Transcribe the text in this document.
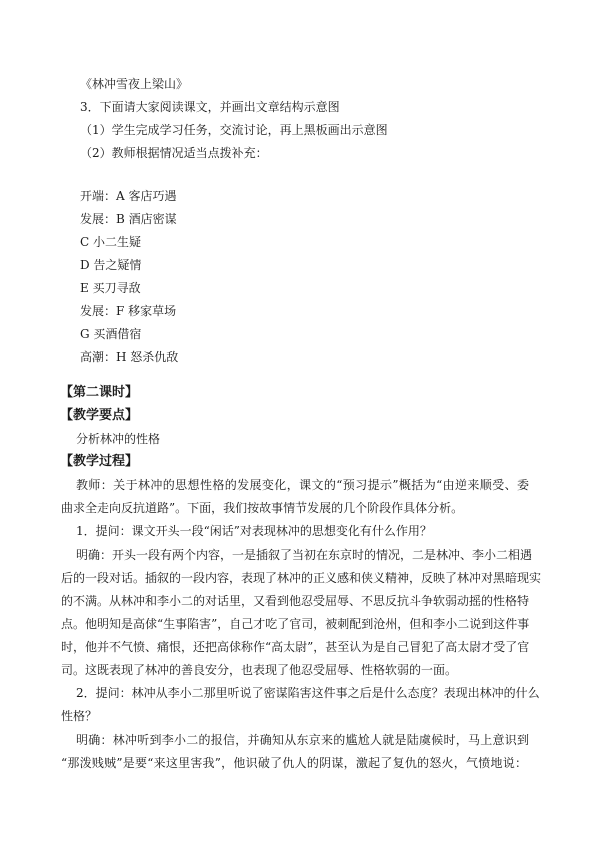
《林冲雪夜上梁山》
3．下面请大家阅读课文，并画出文章结构示意图
（1）学生完成学习任务，交流讨论，再上黑板画出示意图
（2）教师根据情况适当点拨补充：
开端：A 客店巧遇
发展：B 酒店密谋
C 小二生疑
D 告之疑情
E 买刀寻敌
发展：F 移家草场
G 买酒借宿
高潮：H 怒杀仇敌
【第二课时】
【教学要点】
分析林冲的性格
【教学过程】
教师：关于林冲的思想性格的发展变化，课文的“预习提示”概括为“由逆来顺受、委
曲求全走向反抗道路”。下面，我们按故事情节发展的几个阶段作具体分析。
1．提问：课文开头一段“闲话”对表现林冲的思想变化有什么作用？
明确：开头一段有两个内容，一是插叙了当初在东京时的情况，二是林冲、李小二相遇
后的一段对话。插叙的一段内容，表现了林冲的正义感和侠义精神，反映了林冲对黑暗现实
的不满。从林冲和李小二的对话里，又看到他忍受屈辱、不思反抗斗争软弱动摇的性格特
点。他明知是高俅“生事陷害”，自己才吃了官司，被刺配到沧州，但和李小二说到这件事
时，他并不气愤、痛恨，还把高俅称作“高太尉”，甚至认为是自己冒犯了高太尉才受了官
司。这既表现了林冲的善良安分，也表现了他忍受屈辱、性格软弱的一面。
2．提问：林冲从李小二那里听说了密谋陷害这件事之后是什么态度？表现出林冲的什么
性格？
明确：林冲听到李小二的报信，并确知从东京来的尴尬人就是陆虞候时，马上意识到
“那泼贱贼”是要“来这里害我”，他识破了仇人的阴谋，激起了复仇的怒火，气愤地说：
